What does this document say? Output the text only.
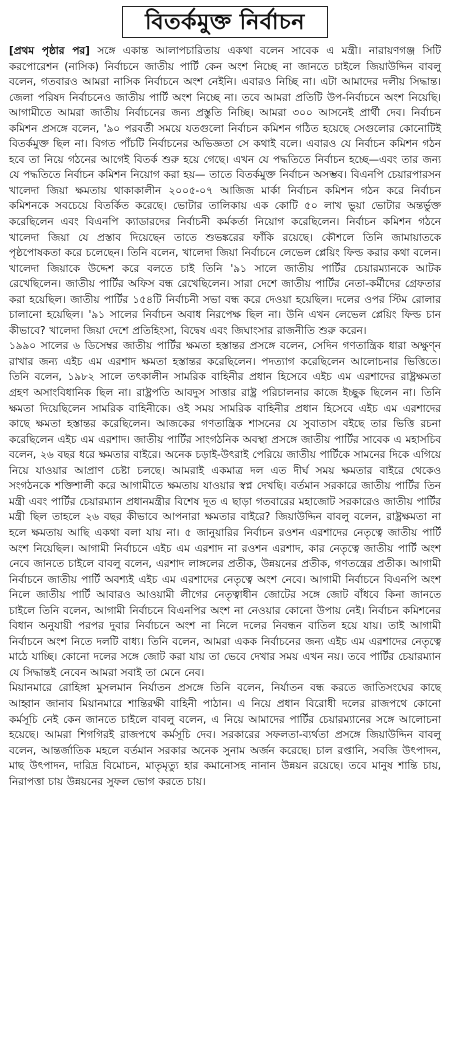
বিতর্কমুক্ত নির্বাচন

[প্রথম পৃষ্ঠার পর] সঙ্গে একান্ত আলাপচারিতায় একথা বলেন সাবেক এ মন্ত্রী। নারায়ণগঞ্জ সিটি করপোরেশন (নাসিক) নির্বাচনে জাতীয় পার্টি কেন অংশ নিচ্ছে না জানতে চাইলে জিয়াউদ্দিন বাবলু বলেন, গতবারও আমরা নাসিক নির্বাচনে অংশ নেইনি। এবারও নিচ্ছি না। এটা আমাদের দলীয় সিদ্ধান্ত। জেলা পরিষদ নির্বাচনেও জাতীয় পার্টি অংশ নিচ্ছে না। তবে আমরা প্রতিটি উপ-নির্বাচনে অংশ নিয়েছি। আগামীতে আমরা জাতীয় নির্বাচনের জন্য প্রস্তুতি নিচ্ছি। আমরা ৩০০ আসনেই প্রার্থী দেব। নির্বাচন কমিশন প্রসঙ্গে বলেন, '৯০ পরবর্তী সময়ে যতগুলো নির্বাচন কমিশন গঠিত হয়েছে সেগুলোর কোনোটিই বিতর্কমুক্ত ছিল না। বিগত পাঁচটি নির্বাচনের অভিজ্ঞতা সে কথাই বলে। এবারও যে নির্বাচন কমিশন গঠন হবে তা নিয়ে গঠনের আগেই বিতর্ক শুরু হয়ে গেছে। এখন যে পদ্ধতিতে নির্বাচন হচ্ছে—এবং তার জন্য যে পদ্ধতিতে নির্বাচন কমিশন নিয়োগ করা হয়— তাতে বিতর্কমুক্ত নির্বাচন অসম্ভব। বিএনপি চেয়ারপারসন খালেদা জিয়া ক্ষমতায় থাকাকালীন ২০০৫-০৭ আজিজ মার্কা নির্বাচন কমিশন গঠন করে নির্বাচন কমিশনকে সবচেয়ে বিতর্কিত করেছে। ভোটার তালিকায় এক কোটি ৫০ লাখ ভুয়া ভোটার অন্তর্ভুক্ত করেছিলেন এবং বিএনপি ক্যাডারদের নির্বাচনী কর্মকর্তা নিয়োগ করেছিলেন। নির্বাচন কমিশন গঠনে খালেদা জিয়া যে প্রস্তাব দিয়েছেন তাতে শুভঙ্করের ফাঁকি রয়েছে। কৌশলে তিনি জামায়াতকে পৃষ্ঠপোষকতা করে চলেছেন। তিনি বলেন, খালেদা জিয়া নির্বাচনে লেভেল প্লেয়িং ফিল্ড করার কথা বলেন। খালেদা জিয়াকে উদ্দেশ করে বলতে চাই তিনি '৯১ সালে জাতীয় পার্টির চেয়ারম্যানকে আটক রেখেছিলেন। জাতীয় পার্টির অফিস বন্ধ রেখেছিলেন। সারা দেশে জাতীয় পার্টির নেতা-কর্মীদের গ্রেফতার করা হয়েছিল। জাতীয় পার্টির ১৫৪টি নির্বাচনী সভা বন্ধ করে দেওয়া হয়েছিল। দলের ওপর স্টিম রোলার চালানো হয়েছিল। '৯১ সালের নির্বাচন অবাধ নিরপেক্ষ ছিল না। উনি এখন লেভেল প্লেয়িং ফিল্ড চান কীভাবে? খালেদা জিয়া দেশে প্রতিহিংসা, বিদ্বেষ এবং জিঘাংসার রাজনীতি শুরু করেন।

১৯৯০ সালের ৬ ডিসেম্বর জাতীয় পার্টির ক্ষমতা হস্তান্তর প্রসঙ্গে বলেন, সেদিন গণতান্ত্রিক ধারা অক্ষুণ্ন রাখার জন্য এইচ এম এরশাদ ক্ষমতা হস্তান্তর করেছিলেন। পদত্যাগ করেছিলেন আলোচনার ভিত্তিতে। তিনি বলেন, ১৯৮২ সালে তৎকালীন সামরিক বাহিনীর প্রধান হিসেবে এইচ এম এরশাদের রাষ্ট্রক্ষমতা গ্রহণ অসাংবিধানিক ছিল না। রাষ্ট্রপতি আবদুস সাত্তার রাষ্ট্র পরিচালনার কাজে ইচ্ছুক ছিলেন না। তিনি ক্ষমতা দিয়েছিলেন সামরিক বাহিনীকে। ওই সময় সামরিক বাহিনীর প্রধান হিসেবে এইচ এম এরশাদের কাছে ক্ষমতা হস্তান্তর করেছিলেন। আজকের গণতান্ত্রিক শাসনের যে সুবাতাস বইছে তার ভিত্তি রচনা করেছিলেন এইচ এম এরশাদ। জাতীয় পার্টির সাংগঠনিক অবস্থা প্রসঙ্গে জাতীয় পার্টির সাবেক এ মহাসচিব বলেন, ২৬ বছর ধরে ক্ষমতার বাইরে। অনেক চড়াই-উৎরাই পেরিয়ে জাতীয় পার্টিকে সামনের দিকে এগিয়ে নিয়ে যাওয়ার আপ্রাণ চেষ্টা চলছে। আমরাই একমাত্র দল এত দীর্ঘ সময় ক্ষমতার বাইরে থেকেও সংগঠনকে শক্তিশালী করে আগামীতে ক্ষমতায় যাওয়ার স্বপ্ন দেখছি। বর্তমান সরকারে জাতীয় পার্টির তিন মন্ত্রী এবং পার্টির চেয়ারম্যান প্রধানমন্ত্রীর বিশেষ দূত এ ছাড়া গতবারের মহাজোট সরকারেও জাতীয় পার্টির মন্ত্রী ছিল তাহলে ২৬ বছর কীভাবে আপনারা ক্ষমতার বাইরে? জিয়াউদ্দিন বাবলু বলেন, রাষ্ট্রক্ষমতা না হলে ক্ষমতায় আছি একথা বলা যায় না। ৫ জানুয়ারির নির্বাচন রওশন এরশাদের নেতৃত্বে জাতীয় পার্টি অংশ নিয়েছিল। আগামী নির্বাচনে এইচ এম এরশাদ না রওশন এরশাদ, কার নেতৃত্বে জাতীয় পার্টি অংশ নেবে জানতে চাইলে বাবলু বলেন, এরশাদ লাঙ্গলের প্রতীক, উন্নয়নের প্রতীক, গণতন্ত্রের প্রতীক। আগামী নির্বাচনে জাতীয় পার্টি অবশ্যই এইচ এম এরশাদের নেতৃত্বে অংশ নেবে। আগামী নির্বাচনে বিএনপি অংশ নিলে জাতীয় পার্টি আবারও আওয়ামী লীগের নেতৃত্বাধীন জোটের সঙ্গে জোট বাঁধবে কিনা জানতে চাইলে তিনি বলেন, আগামী নির্বাচনে বিএনপির অংশ না নেওয়ার কোনো উপায় নেই। নির্বাচন কমিশনের বিধান অনুযায়ী পরপর দুবার নির্বাচনে অংশ না নিলে দলের নিবন্ধন বাতিল হয়ে যায়। তাই আগামী নির্বাচনে অংশ নিতে দলটি বাধ্য। তিনি বলেন, আমরা একক নির্বাচনের জন্য এইচ এম এরশাদের নেতৃত্বে মাঠে যাচ্ছি। কোনো দলের সঙ্গে জোট করা যায় তা ভেবে দেখার সময় এখন নয়। তবে পার্টির চেয়ারম্যান যে সিদ্ধান্তই নেবেন আমরা সবাই তা মেনে নেব।

মিয়ানমারে রোহিঙ্গা মুসলমান নির্যাতন প্রসঙ্গে তিনি বলেন, নির্যাতন বন্ধ করতে জাতিসংঘের কাছে আহ্বান জানাব মিয়ানমারে শান্তিরক্ষী বাহিনী পাঠান। এ নিয়ে প্রধান বিরোধী দলের রাজপথে কোনো কর্মসূচি নেই কেন জানতে চাইলে বাবলু বলেন, এ নিয়ে আমাদের পার্টির চেয়ারম্যানের সঙ্গে আলোচনা হয়েছে। আমরা শিগগিরই রাজপথে কর্মসূচি দেব। সরকারের সফলতা-ব্যর্থতা প্রসঙ্গে জিয়াউদ্দিন বাবলু বলেন, আন্তর্জাতিক মহলে বর্তমান সরকার অনেক সুনাম অর্জন করেছে। চাল রপ্তানি, সবজি উৎপাদন, মাছ উৎপাদন, দারিদ্র বিমোচন, মাতৃমৃত্যু হার কমানোসহ নানান উন্নয়ন রয়েছে। তবে মানুষ শান্তি চায়, নিরাপত্তা চায় উন্নয়নের সুফল ভোগ করতে চায়।
